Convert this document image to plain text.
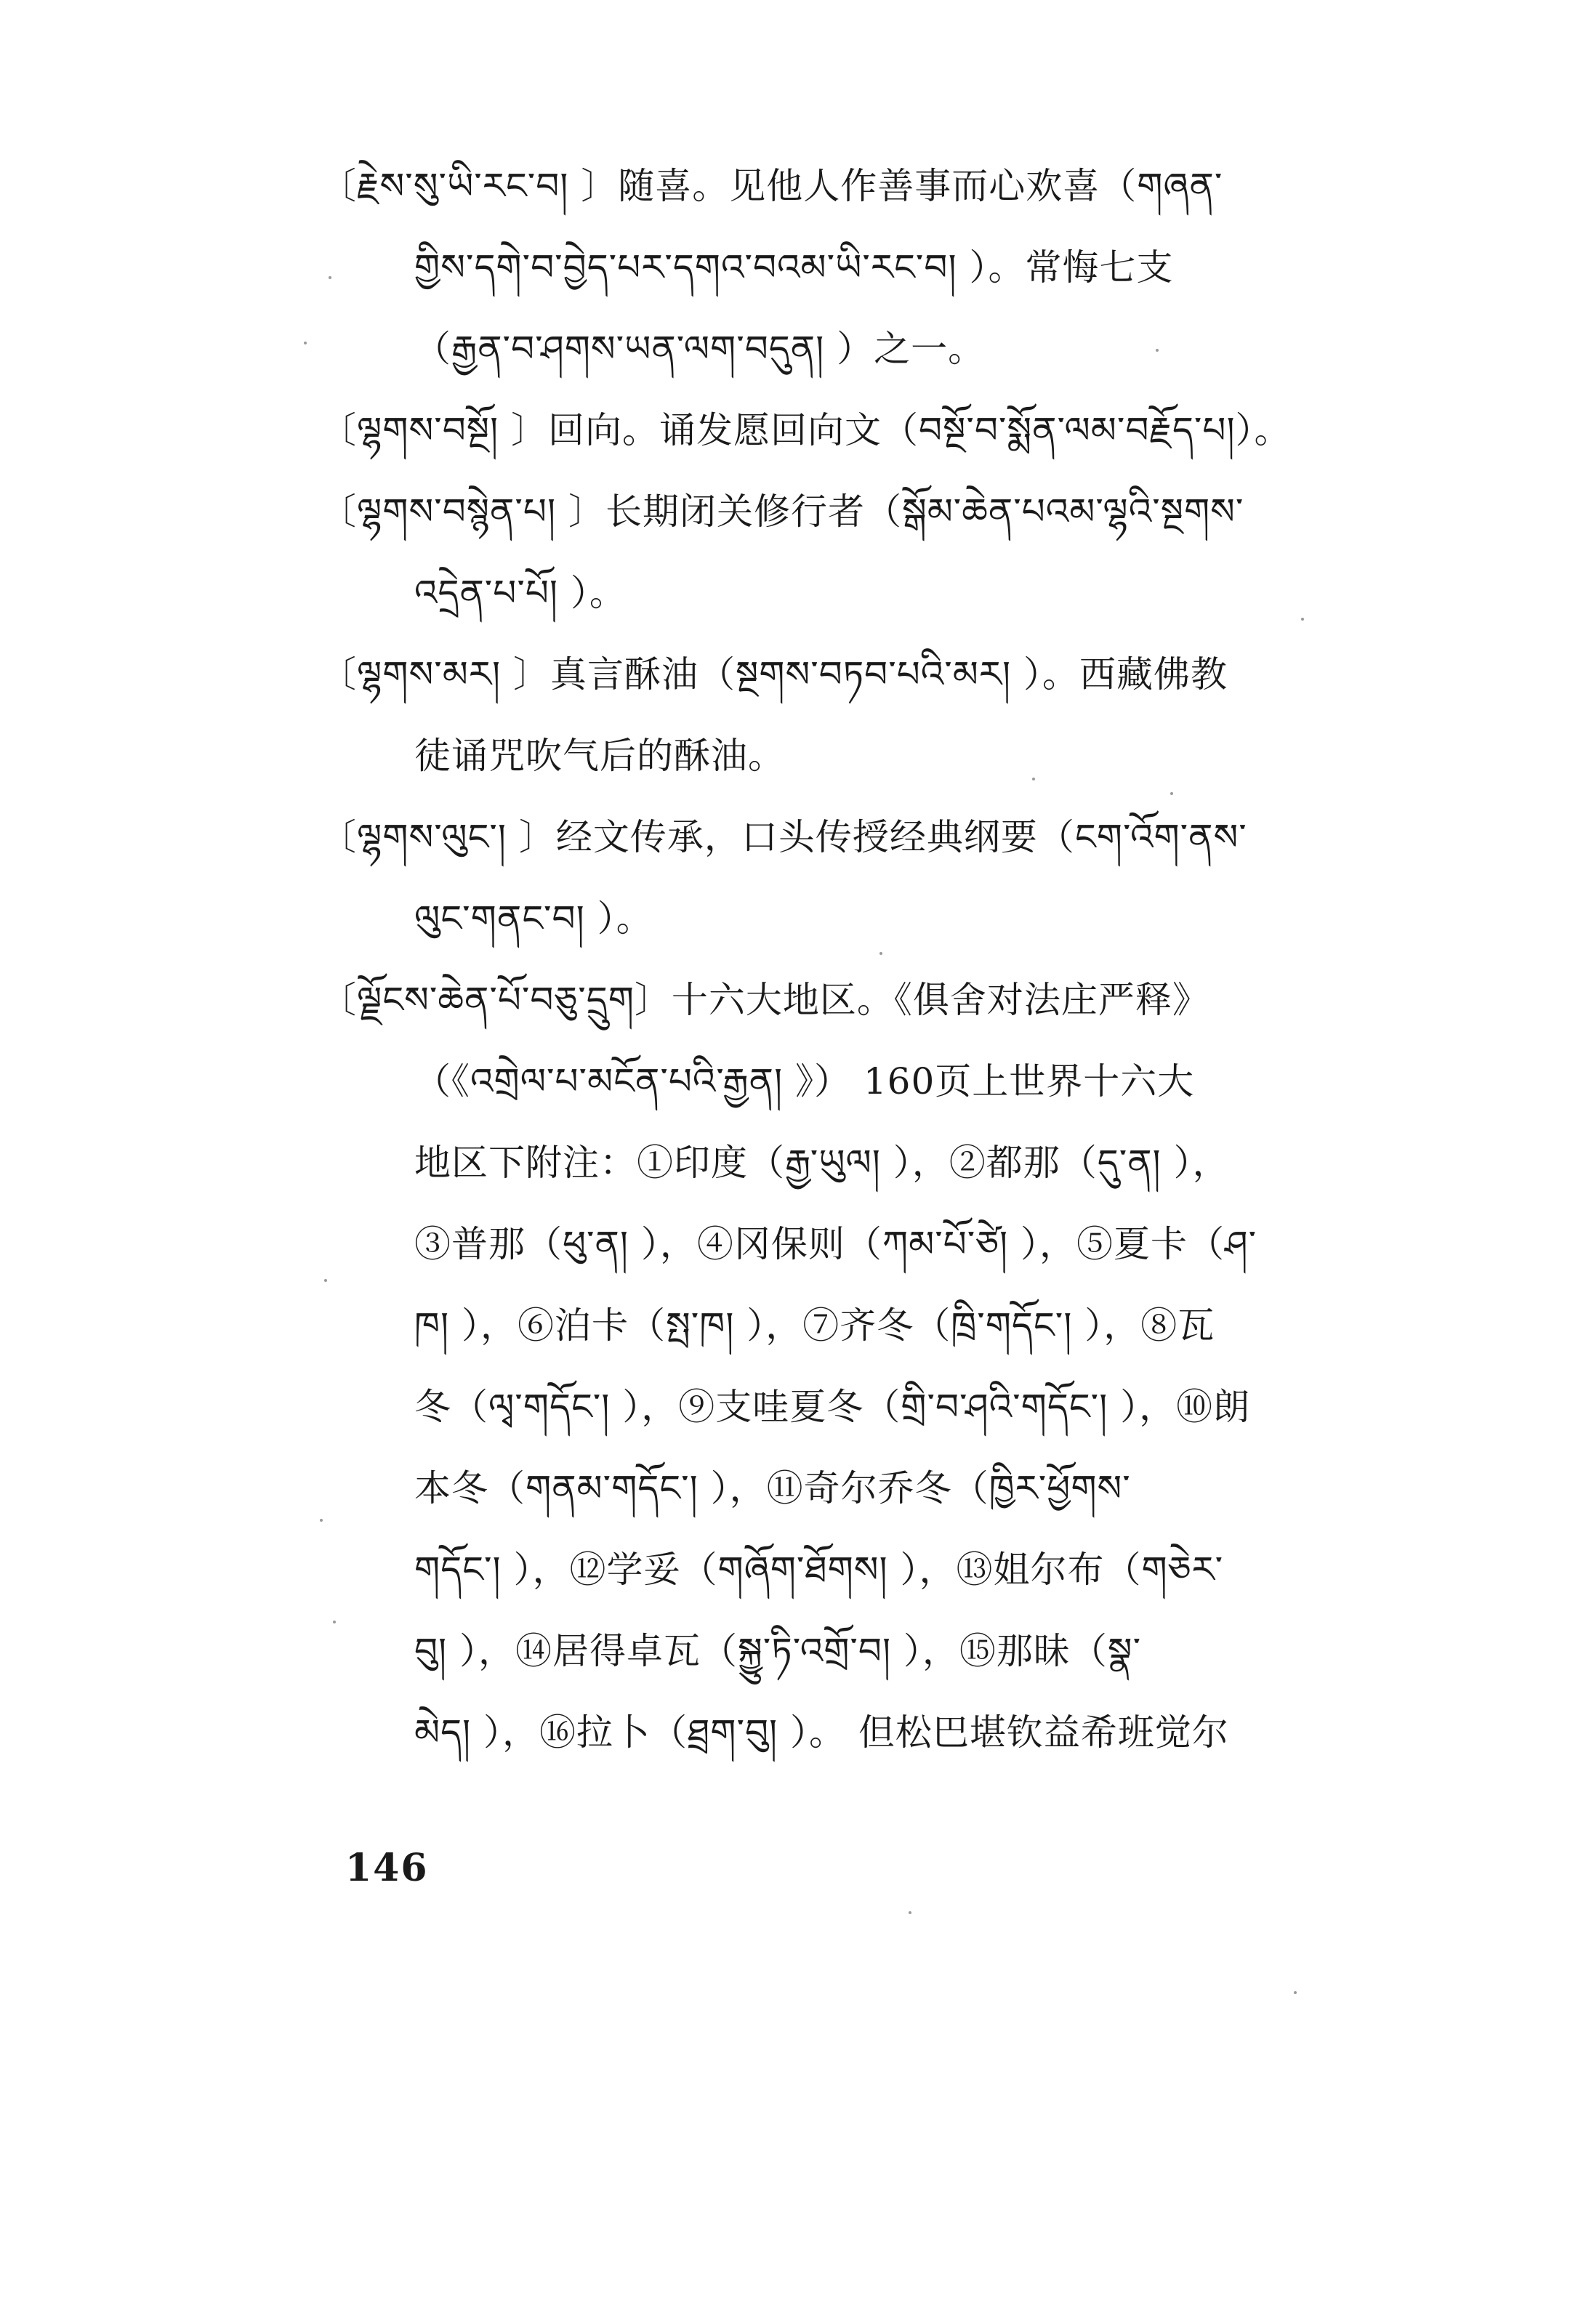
〔རྗེས་སུ་ཡི་རང་བ། 〕随喜。见他人作善事而心欢喜（གཞན་
གྱིས་དགེ་བ་བྱེད་པར་དགའ་བའམ་ཡི་རང་བ། ）。常悔七支
（རྒྱན་བ་ཤགས་ཡན་ལག་བདུན། ）之一。
〔ལྷགས་བསྔོ། 〕回向。诵发愿回向文（བསྔོ་བ་སྨོན་ལམ་བརྗོད་པ།）。
〔ལྷགས་བསྙེན་པ། 〕长期闭关修行者（སྒོམ་ཆེན་པའམ་ལྷའི་སྔགས་
འདྲེན་པ་པོ། ）。
〔ལྷགས་མར། 〕真言酥油（སྔགས་བཏབ་པའི་མར། ）。西藏佛教
徒诵咒吹气后的酥油。
〔ལྷགས་ལུང་། 〕经文传承，口头传授经典纲要（ངག་འོག་ནས་
ལུང་གནང་བ། ）。
〔ལྗོངས་ཆེན་པོ་བཅུ་དྲུག〕十六大地区。《俱舍对法庄严释》
（《འགྲེལ་པ་མངོན་པའི་རྒྱན། 》） 160页上世界十六大
地区下附注：①印度（རྒྱ་ཡུལ། ），②都那（དུ་ན། ），
③普那（ཕུ་ན། ），④冈保则（ཀམ་པོ་ཙེ། ），⑤夏卡（ཤ་
ཁ། ），⑥泊卡（སྤ་ཁ། ），⑦齐冬（ཁྲི་གདོང་། ），⑧瓦
冬（ལྭ་གདོང་། ），⑨支哇夏冬（གྲི་བ་ཤའི་གདོང་། ），⑩朗
本冬（གནམ་གདོང་། ），⑪奇尔乔冬（ཁྱིར་ཕྱོགས་
གདོང་། ），⑫学妥（གཞོག་ཐོགས། ），⑬姐尔布（གཅེར་
བུ། ），⑭居得卓瓦（སྐྱུ་ཏི་འགྲོ་བ། ），⑮那昧（སྣ་
མེད། ），⑯拉卜（ཐྲག་བུ། ）。 但松巴堪钦益希班觉尔
146
